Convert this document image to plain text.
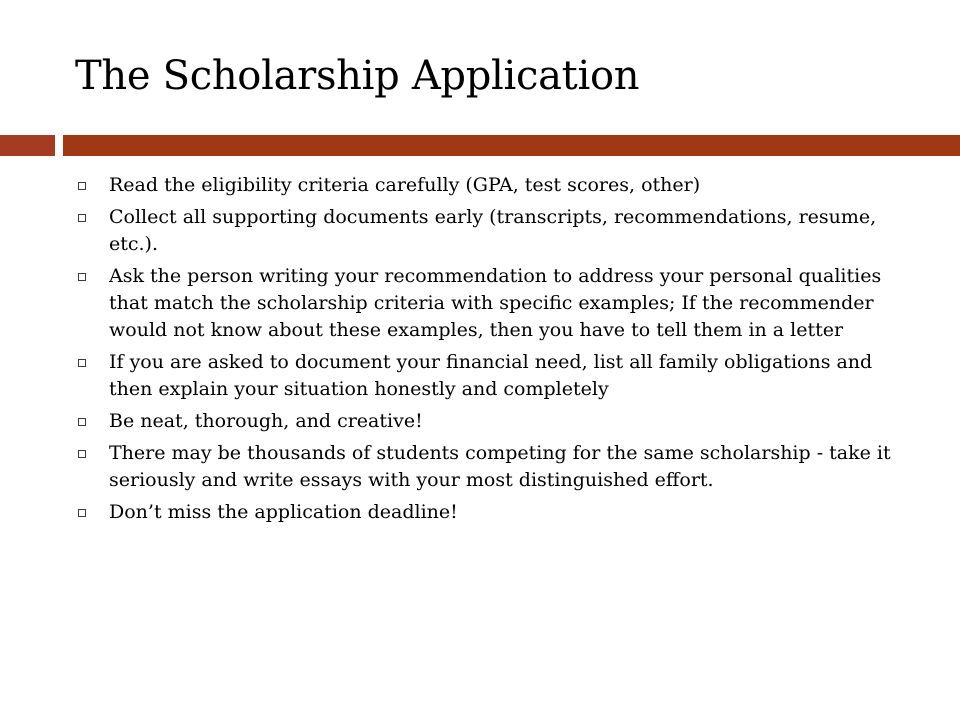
The Scholarship Application
Read the eligibility criteria carefully (GPA, test scores, other)
Collect all supporting documents early (transcripts, recommendations, resume, etc.).
Ask the person writing your recommendation to address your personal qualities that match the scholarship criteria with specific examples; If the recommender would not know about these examples, then you have to tell them in a letter
If you are asked to document your financial need, list all family obligations and then explain your situation honestly and completely
Be neat, thorough, and creative!
There may be thousands of students competing for the same scholarship - take it seriously and write essays with your most distinguished effort.
Don’t miss the application deadline!
